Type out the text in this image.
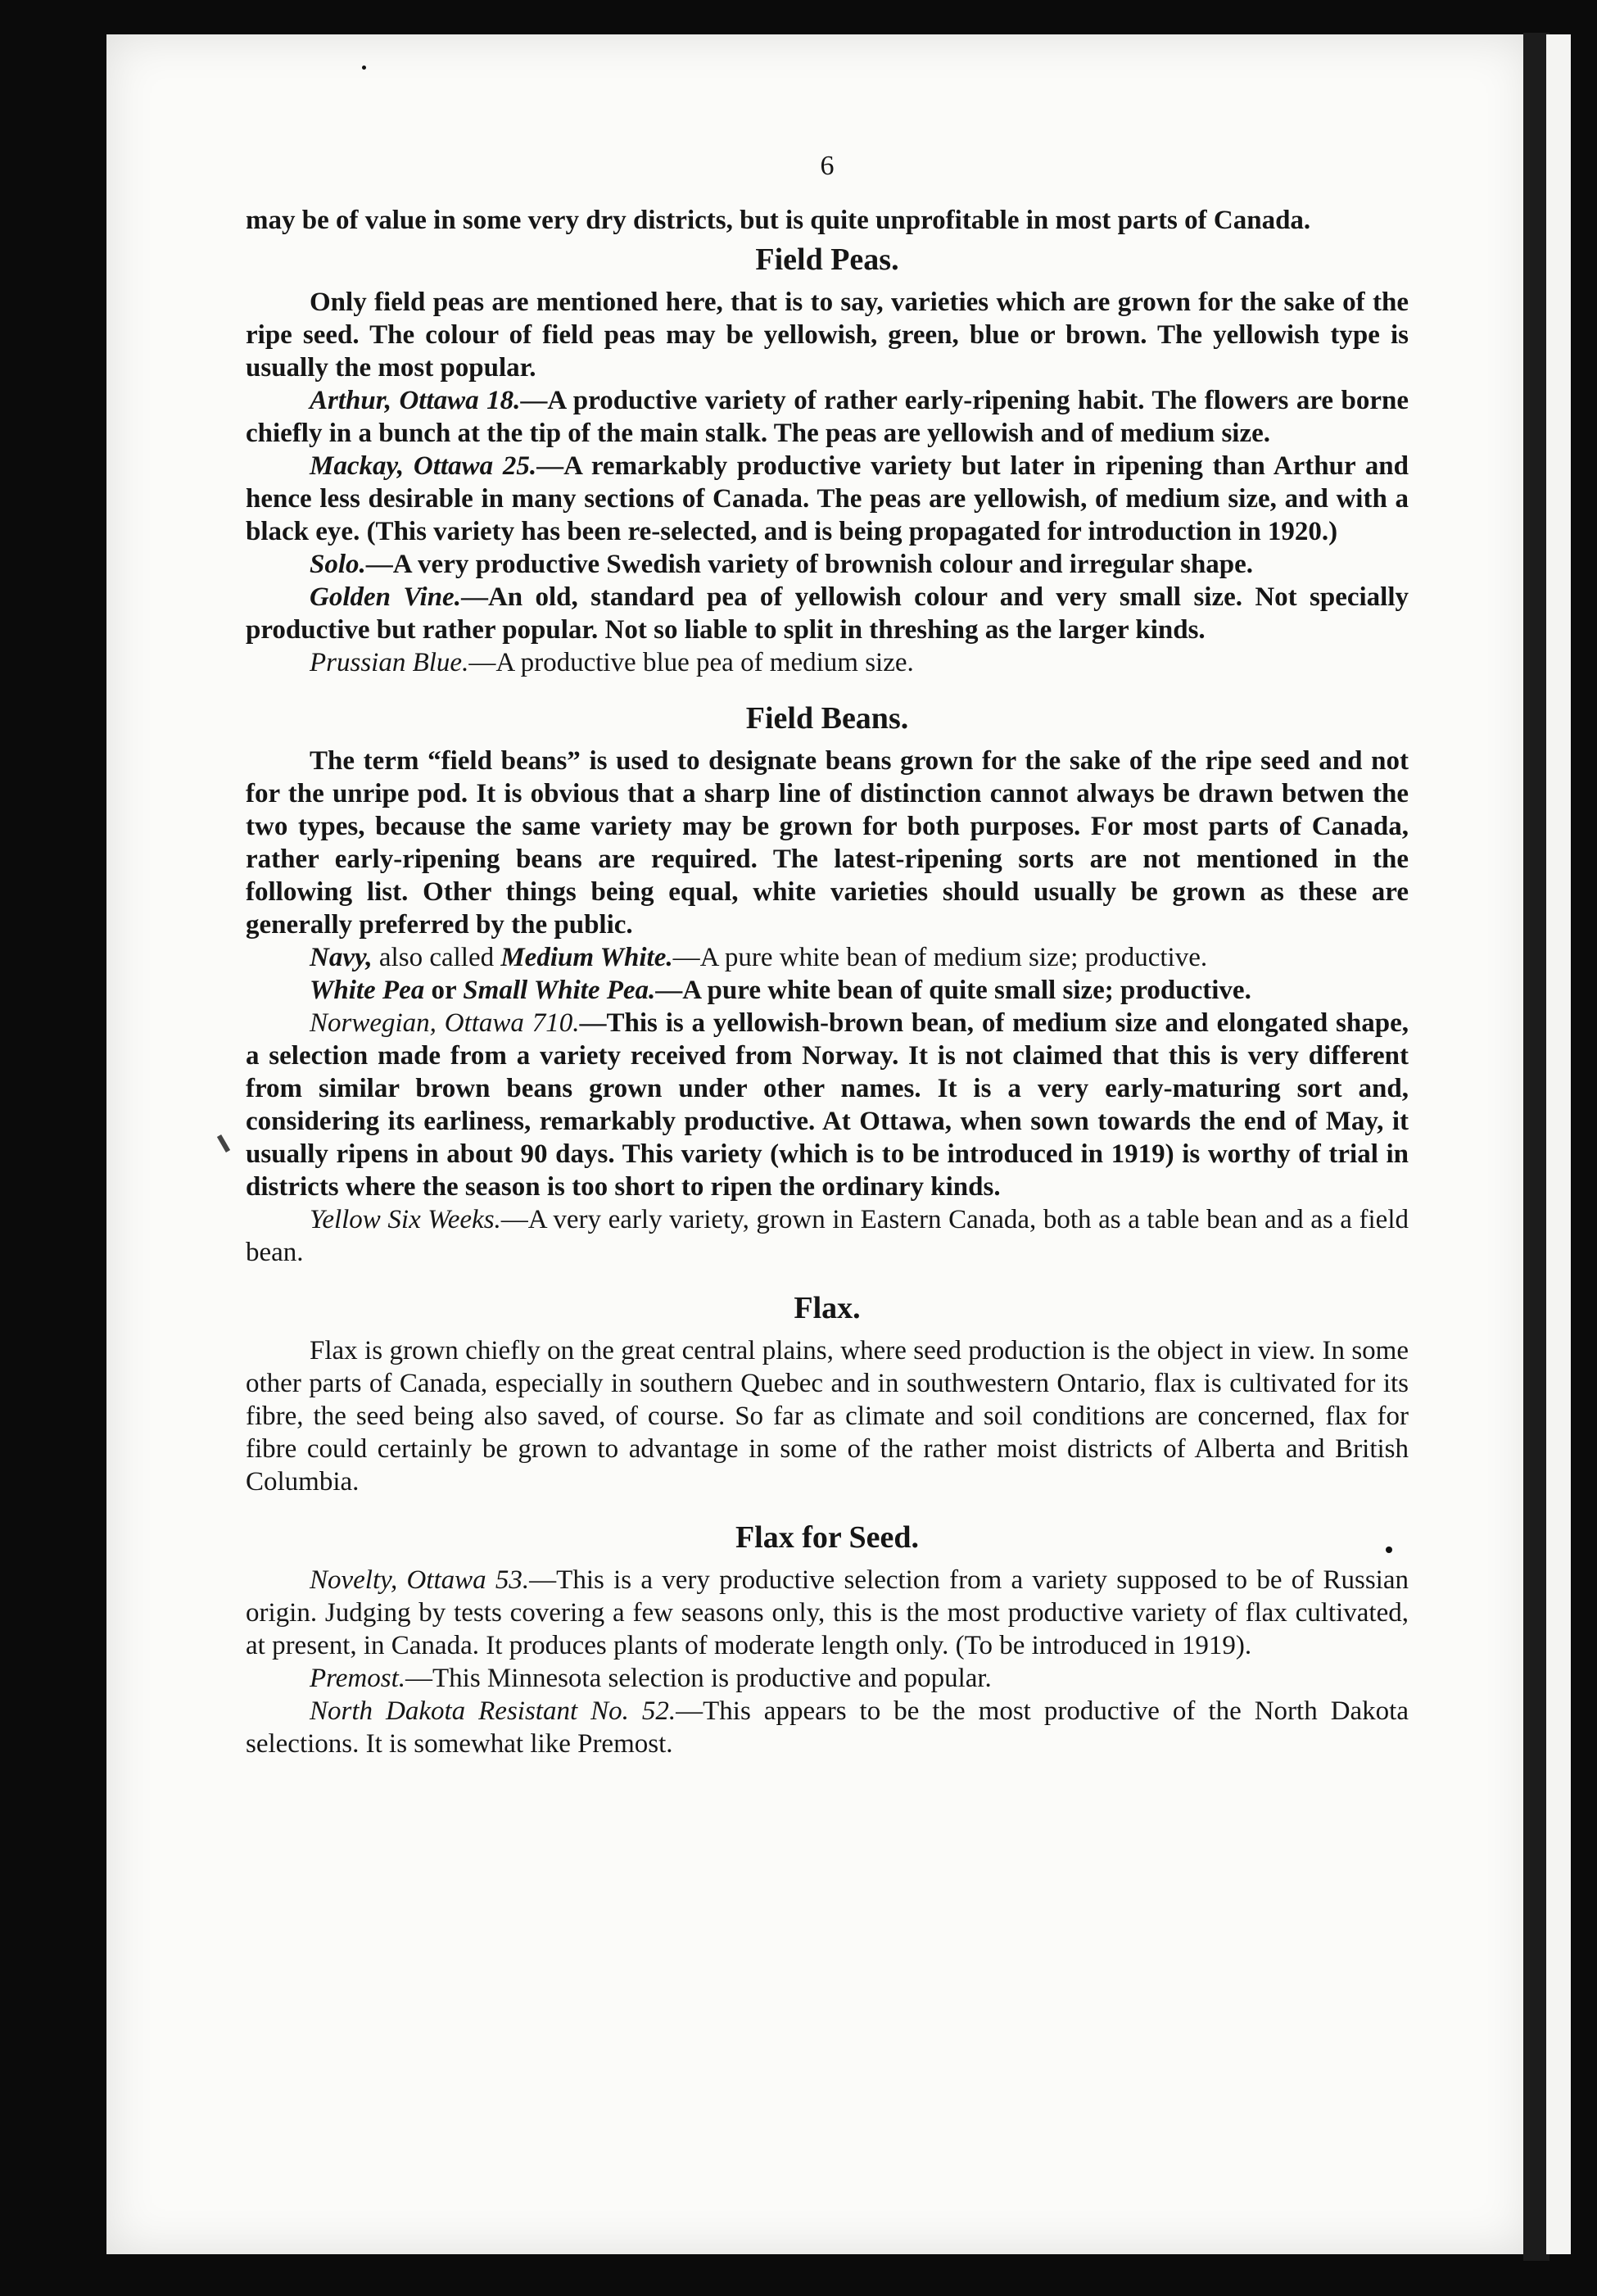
6

may be of value in some very dry districts, but is quite unprofitable in most parts of Canada.

Field Peas.

Only field peas are mentioned here, that is to say, varieties which are grown for the sake of the ripe seed. The colour of field peas may be yellowish, green, blue or brown. The yellowish type is usually the most popular.

Arthur, Ottawa 18.—A productive variety of rather early-ripening habit. The flowers are borne chiefly in a bunch at the tip of the main stalk. The peas are yellowish and of medium size.

Mackay, Ottawa 25.—A remarkably productive variety but later in ripening than Arthur and hence less desirable in many sections of Canada. The peas are yellowish, of medium size, and with a black eye. (This variety has been re-selected, and is being propagated for introduction in 1920.)

Solo.—A very productive Swedish variety of brownish colour and irregular shape.

Golden Vine.—An old, standard pea of yellowish colour and very small size. Not specially productive but rather popular. Not so liable to split in threshing as the larger kinds.

Prussian Blue.—A productive blue pea of medium size.

Field Beans.

The term “field beans” is used to designate beans grown for the sake of the ripe seed and not for the unripe pod. It is obvious that a sharp line of distinction cannot always be drawn betwen the two types, because the same variety may be grown for both purposes. For most parts of Canada, rather early-ripening beans are required. The latest-ripening sorts are not mentioned in the following list. Other things being equal, white varieties should usually be grown as these are generally preferred by the public.

Navy, also called Medium White.—A pure white bean of medium size; productive.

White Pea or Small White Pea.—A pure white bean of quite small size; productive.

Norwegian, Ottawa 710.—This is a yellowish-brown bean, of medium size and elongated shape, a selection made from a variety received from Norway. It is not claimed that this is very different from similar brown beans grown under other names. It is a very early-maturing sort and, considering its earliness, remarkably productive. At Ottawa, when sown towards the end of May, it usually ripens in about 90 days. This variety (which is to be introduced in 1919) is worthy of trial in districts where the season is too short to ripen the ordinary kinds.

Yellow Six Weeks.—A very early variety, grown in Eastern Canada, both as a table bean and as a field bean.

Flax.

Flax is grown chiefly on the great central plains, where seed production is the object in view. In some other parts of Canada, especially in southern Quebec and in southwestern Ontario, flax is cultivated for its fibre, the seed being also saved, of course. So far as climate and soil conditions are concerned, flax for fibre could certainly be grown to advantage in some of the rather moist districts of Alberta and British Columbia.

Flax for Seed.

Novelty, Ottawa 53.—This is a very productive selection from a variety supposed to be of Russian origin. Judging by tests covering a few seasons only, this is the most productive variety of flax cultivated, at present, in Canada. It produces plants of moderate length only. (To be introduced in 1919).

Premost.—This Minnesota selection is productive and popular.

North Dakota Resistant No. 52.—This appears to be the most productive of the North Dakota selections. It is somewhat like Premost.
